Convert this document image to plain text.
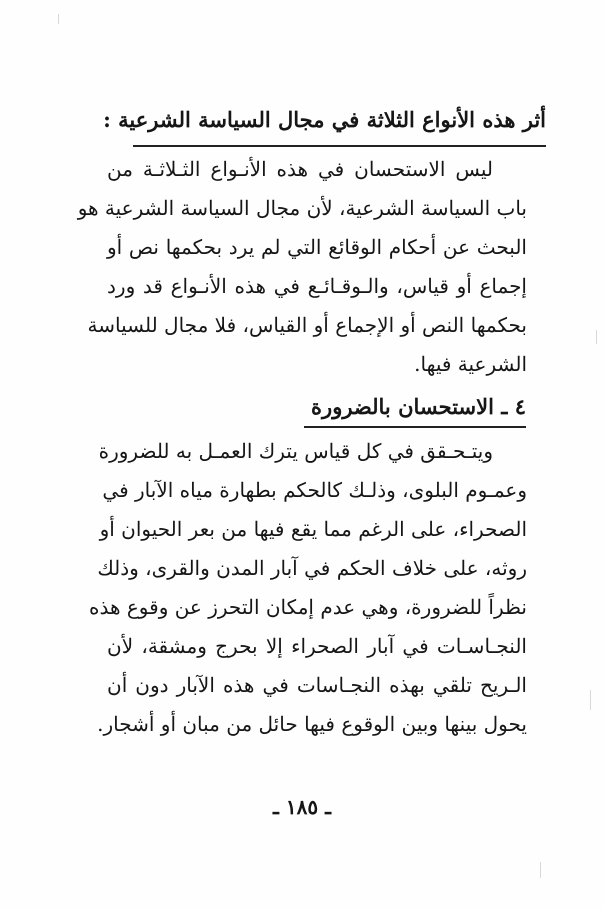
أثر هذه الأنواع الثلاثة في مجال السياسة الشرعية :
ليس الاستحسان في هذه الأنـواع الثـلاثـة من
باب السياسة الشرعية، لأن مجال السياسة الشرعية هو
البحث عن أحكام الوقائع التي لم يرد بحكمها نص أو
إجماع أو قياس، والـوقـائـع في هذه الأنـواع قد ورد
بحكمها النص أو الإجماع أو القياس، فلا مجال للسياسة
الشرعية فيها.
٤ ـ الاستحسان بالضرورة
ويتـحـقق في كل قياس يترك العمـل به للضرورة
وعمـوم البلوى، وذلـك كالحكم بطهارة مياه الآبار في
الصحراء، على الرغم مما يقع فيها من بعر الحيوان أو
روثه، على خلاف الحكم في آبار المدن والقرى، وذلك
نظراً للضرورة، وهي عدم إمكان التحرز عن وقوع هذه
النجـاسـات في آبار الصحراء إلا بحرج ومشقة، لأن
الـريح تلقي بهذه النجـاسات في هذه الآبار دون أن
يحول بينها وبين الوقوع فيها حائل من مبان أو أشجار.
ـ ١٨٥ ـ
